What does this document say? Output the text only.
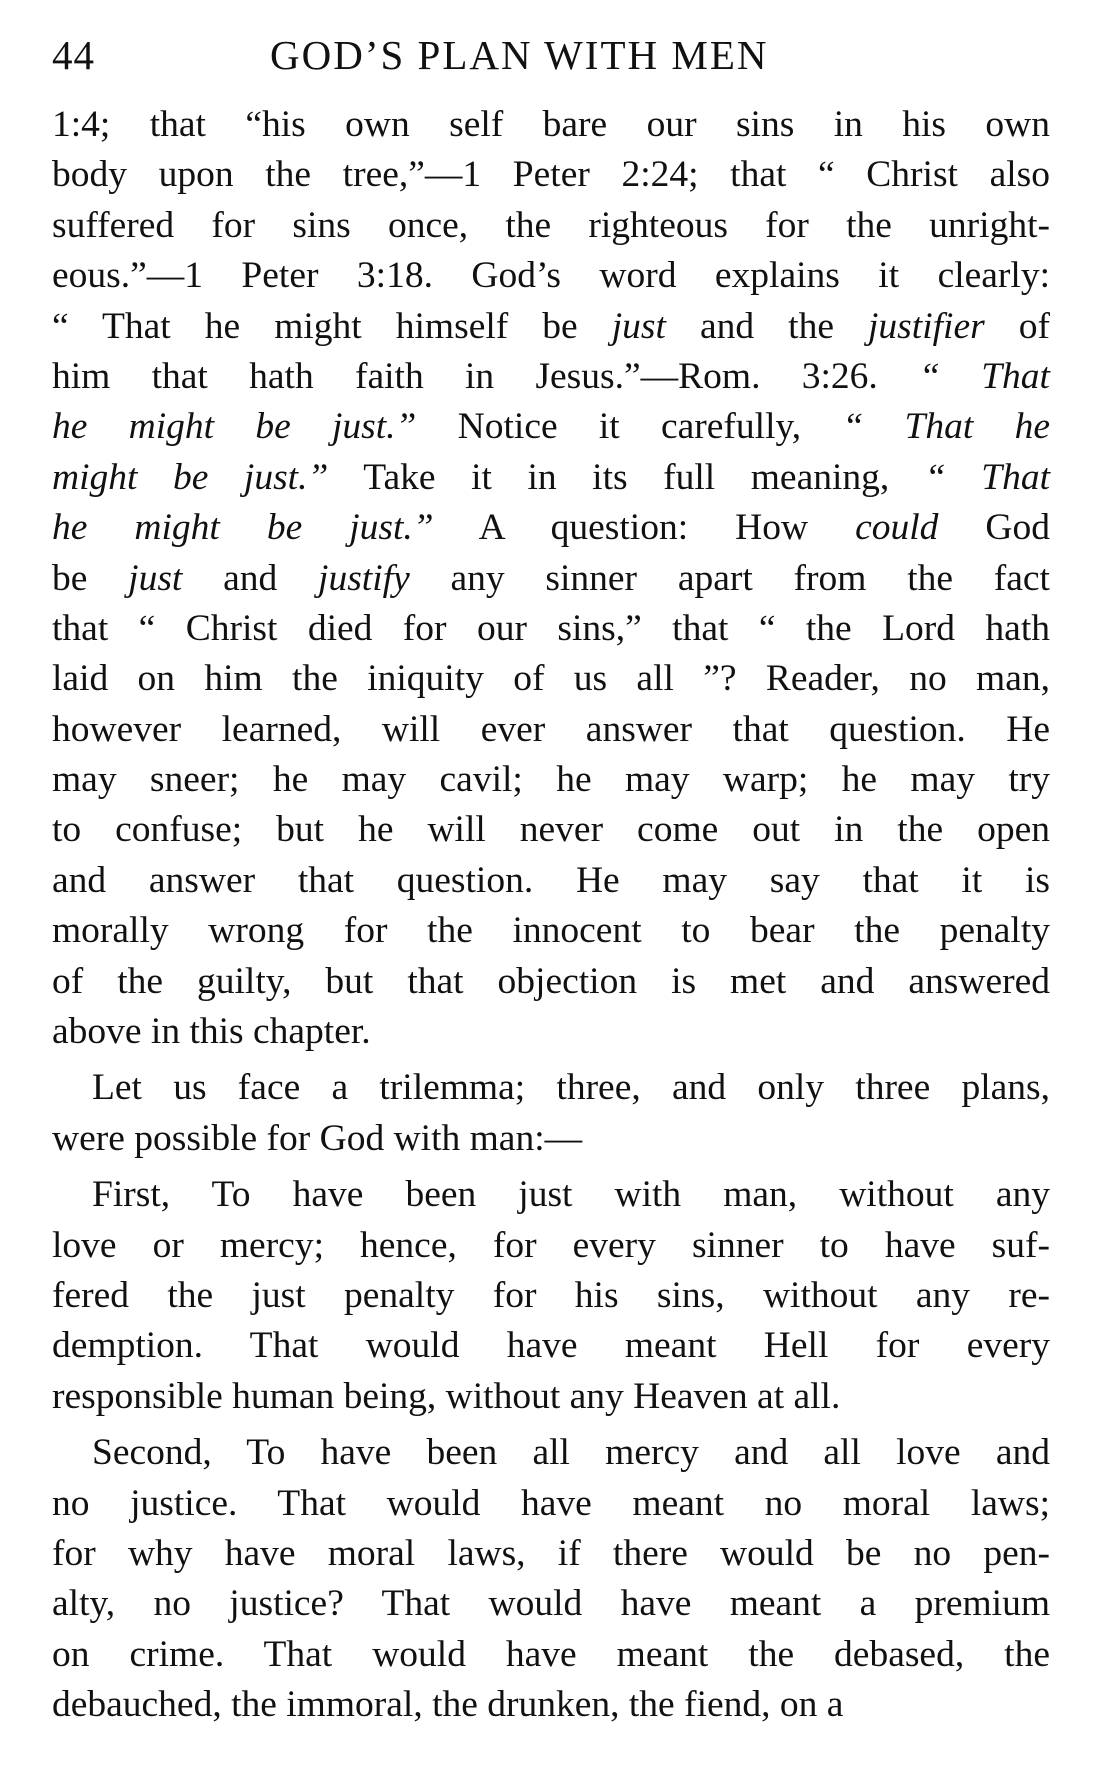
44	GOD’S PLAN WITH MEN
1:4; that “his own self bare our sins in his own
body upon the tree,”—1 Peter 2:24; that “ Christ also
suffered for sins once, the righteous for the unright-
eous.”—1 Peter 3:18. God’s word explains it clearly:
“ That he might himself be just and the justifier of
him that hath faith in Jesus.”—Rom. 3:26. “ That
he might be just.” Notice it carefully, “ That he
might be just.” Take it in its full meaning, “ That
he might be just.” A question: How could God
be just and justify any sinner apart from the fact
that “ Christ died for our sins,” that “ the Lord hath
laid on him the iniquity of us all ”? Reader, no man,
however learned, will ever answer that question. He
may sneer; he may cavil; he may warp; he may try
to confuse; but he will never come out in the open
and answer that question. He may say that it is
morally wrong for the innocent to bear the penalty
of the guilty, but that objection is met and answered
above in this chapter.
Let us face a trilemma; three, and only three plans,
were possible for God with man:—
First, To have been just with man, without any
love or mercy; hence, for every sinner to have suf-
fered the just penalty for his sins, without any re-
demption. That would have meant Hell for every
responsible human being, without any Heaven at all.
Second, To have been all mercy and all love and
no justice. That would have meant no moral laws;
for why have moral laws, if there would be no pen-
alty, no justice? That would have meant a premium
on crime. That would have meant the debased, the
debauched, the immoral, the drunken, the fiend, on a
